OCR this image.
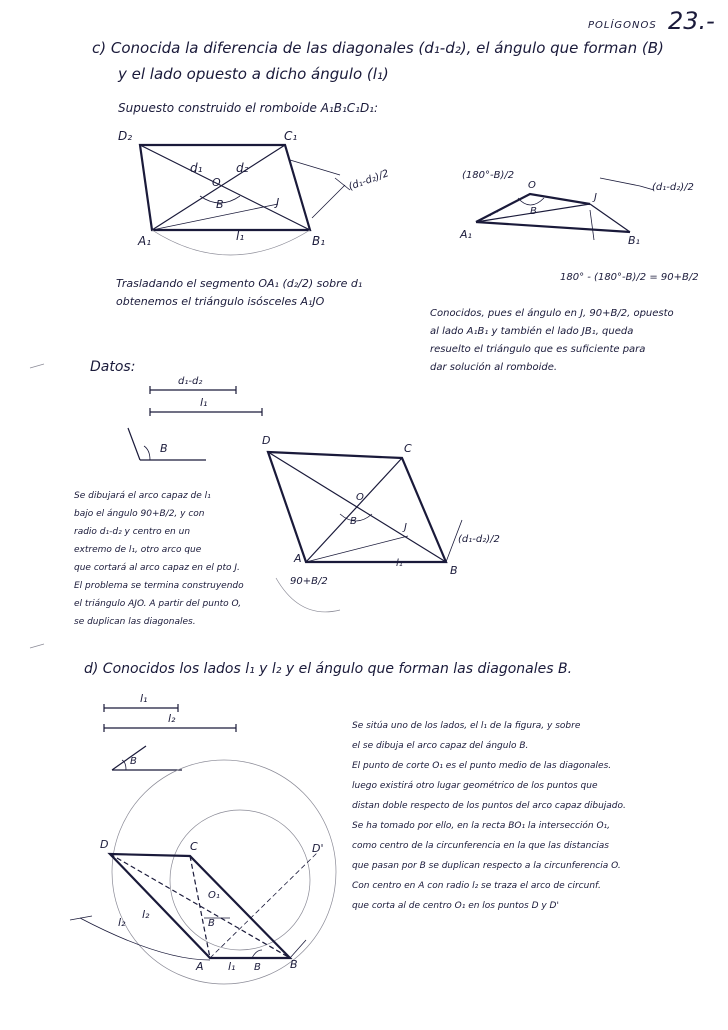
POLÍGONOS 23.-
c) Conocida la diferencia de las diagonales (d₁-d₂), el ángulo que forman (B)
y el lado opuesto a dicho ángulo (l₁)
Supuesto construido el romboide A₁B₁C₁D₁:
Trasladando el segmento OA₁ (d₂/2) sobre d₁
obtenemos el triángulo isósceles A₁JO
180° - (180°-B)/2 = 90+B/2
Conocidos, pues el ángulo en J, 90+B/2, opuesto
al lado A₁B₁ y también el lado JB₁, queda
resuelto el triángulo que es suficiente para
dar solución al romboide.
Datos:
Se dibujará el arco capaz de l₁
bajo el ángulo 90+B/2, y con
radio d₁-d₂ y centro en un
extremo de l₁, otro arco que
que cortará al arco capaz en el pto J.
El problema se termina construyendo
el triángulo AJO. A partir del punto O,
se duplican las diagonales.
d) Conocidos los lados l₁ y l₂ y el ángulo que forman las diagonales B.
Se sitúa uno de los lados, el l₁ de la figura, y sobre
el se dibuja el arco capaz del ángulo B.
El punto de corte O₁ es el punto medio de las diagonales.
luego existirá otro lugar geométrico de los puntos que
distan doble respecto de los puntos del arco capaz dibujado.
Se ha tomado por ello, en la recta BO₁ la intersección O₁,
como centro de la circunferencia en la que las distancias
que pasan por B se duplican respecto a la circunferencia O.
Con centro en A con radio l₂ se traza el arco de circunf.
que corta al de centro O₁ en los puntos D y D'
D₂	C₁
A₁	B₁
d₁	d₂
O
B	J
l₁
(d₁-d₂)/2	(180°-B)/2
O
B
J
A₁	B₁
(d₁-d₂)/2
d₁-d₂
l₁
B
D
C
A
B
O
B
J
l₁
(d₁-d₂)/2
90+B/2
l₁
l₂
B
D	C	D'
A	B
O₁
B
l₂
l₂
l₁ B
